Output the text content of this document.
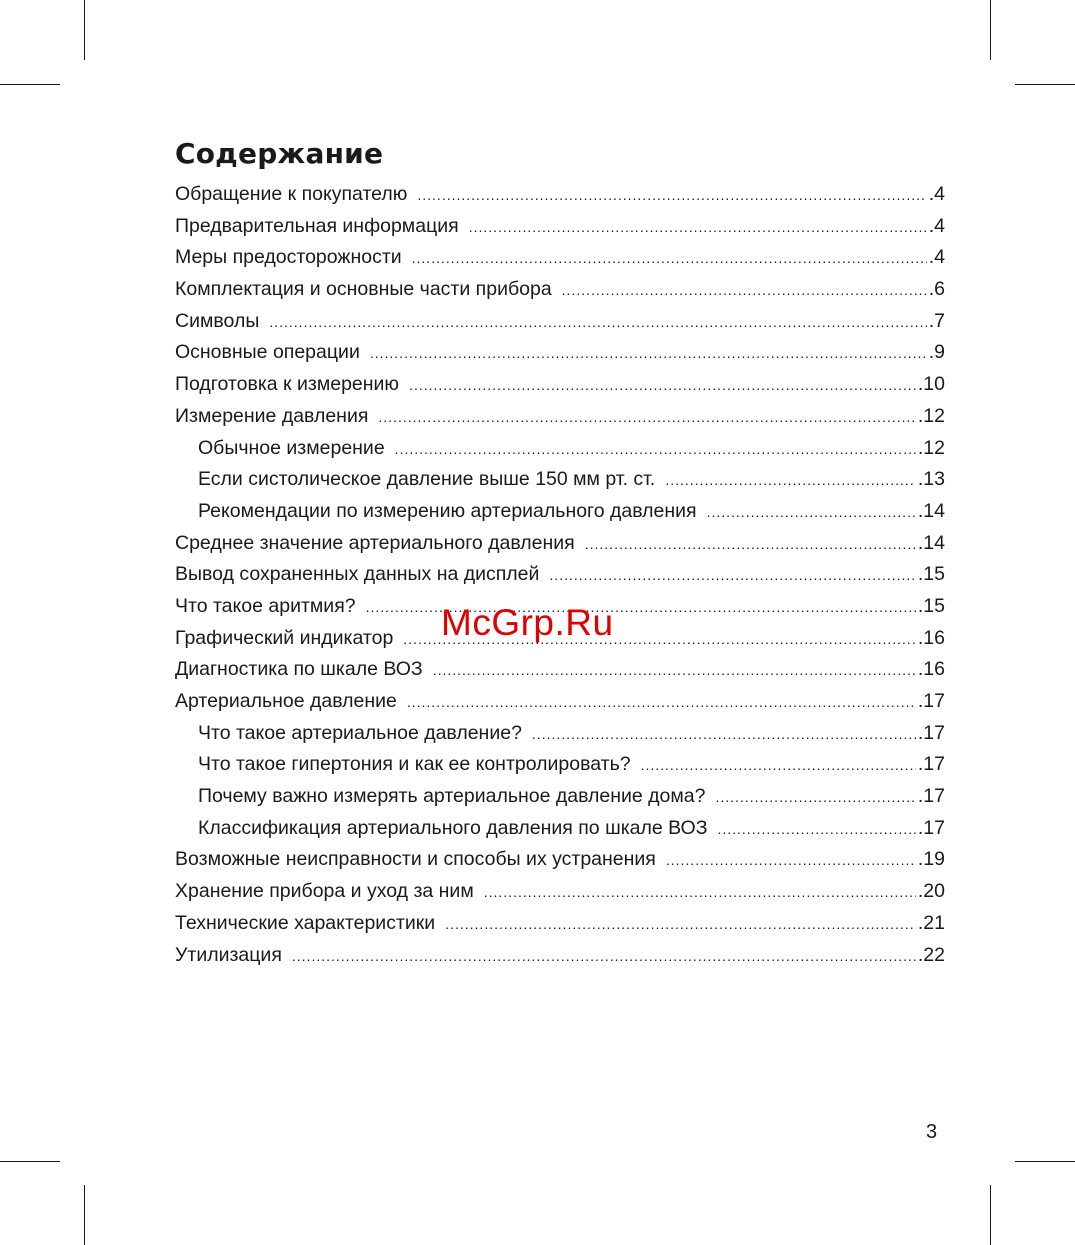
Содержание
Обращение к покупателю .....	.4
Предварительная информация .....	.4
Меры предосторожности .....	.4
Комплектация и основные части прибора .....	.6
Символы .....	.7
Основные операции .....	.9
Подготовка к измерению .....	.10
Измерение давления .....	.12
Обычное измерение .....	.12
Если систолическое давление выше 150 мм рт. ст. .....	.13
Рекомендации по измерению артериального давления .....	.14
Среднее значение артериального давления .....	.14
Вывод сохраненных данных на дисплей .....	.15
Что такое аритмия? .....	.15
Графический индикатор .....	.16
Диагностика по шкале ВОЗ .....	.16
Артериальное давление .....	.17
Что такое артериальное давление? .....	.17
Что такое гипертония и как ее контролировать? .....	.17
Почему важно измерять артериальное давление дома? .....	.17
Классификация артериального давления по шкале ВОЗ .....	.17
Возможные неисправности и способы их устранения .....	.19
Хранение прибора и уход за ним .....	.20
Технические характеристики .....	.21
Утилизация .....	.22
McGrp.Ru
3
